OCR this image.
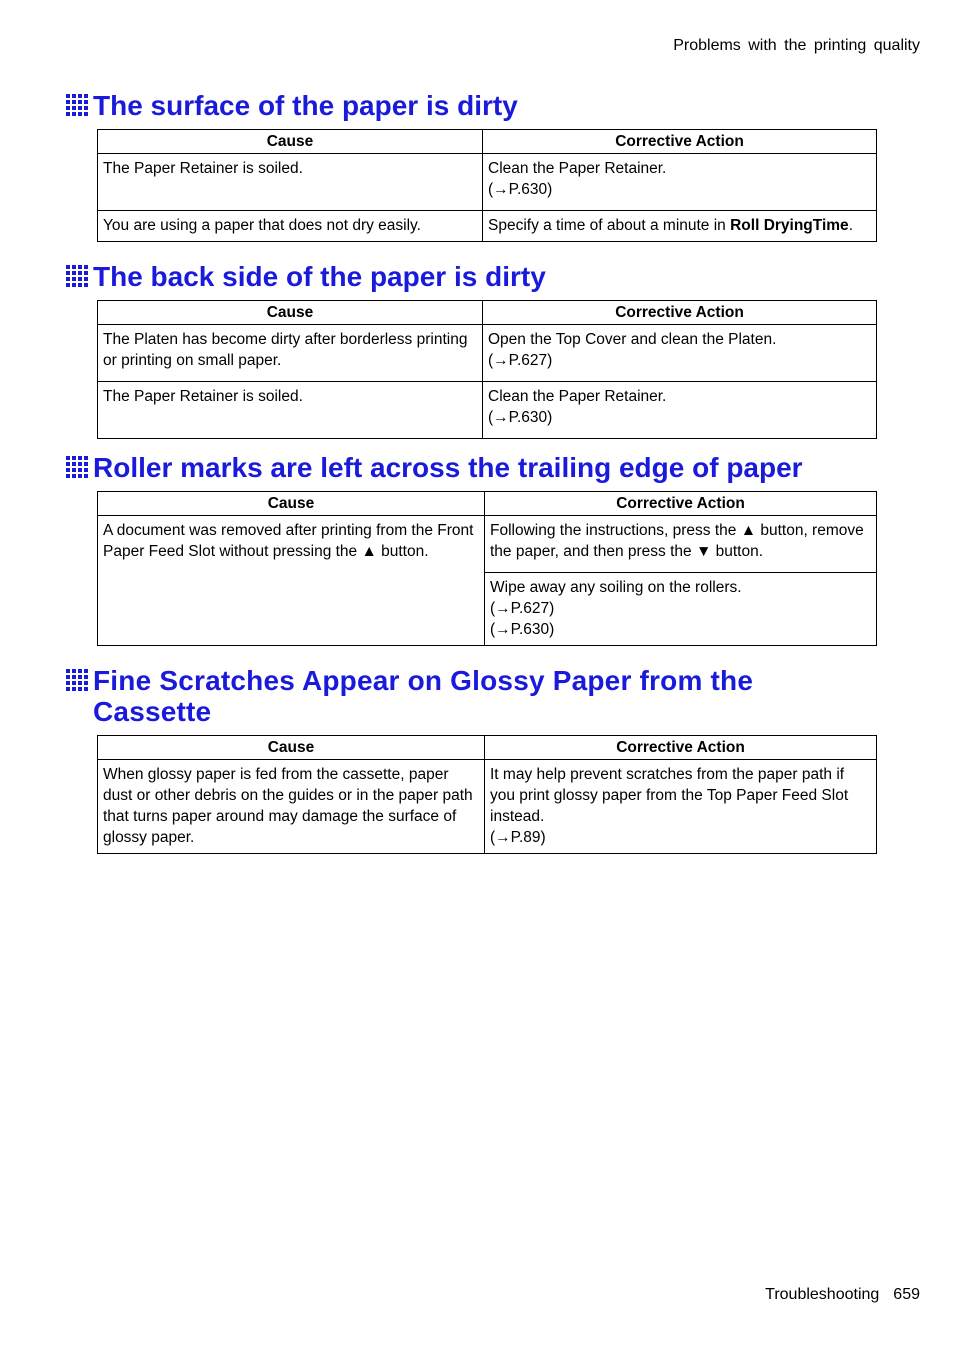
Problems with the printing quality
The surface of the paper is dirty
Cause	Corrective Action
The Paper Retainer is soiled.	Clean the Paper Retainer.
(→P.630)

You are using a paper that does not dry easily.	Specify a time of about a minute in Roll DryingTime.
The back side of the paper is dirty
Cause	Corrective Action
The Platen has become dirty after borderless printing or printing on small paper.	Open the Top Cover and clean the Platen.
(→P.627)

The Paper Retainer is soiled.	Clean the Paper Retainer.
(→P.630)
Roller marks are left across the trailing edge of paper
Cause	Corrective Action
A document was removed after printing from the Front Paper Feed Slot without pressing the ▲ button.	Following the instructions, press the ▲ button, remove the paper, and then press the ▼ button.

	Wipe away any soiling on the rollers.
(→P.627)
(→P.630)
Fine Scratches Appear on Glossy Paper from the Cassette
Cause	Corrective Action
When glossy paper is fed from the cassette, paper dust or other debris on the guides or in the paper path that turns paper around may damage the surface of glossy paper.	It may help prevent scratches from the paper path if you print glossy paper from the Top Paper Feed Slot instead.
(→P.89)
Troubleshooting 659
